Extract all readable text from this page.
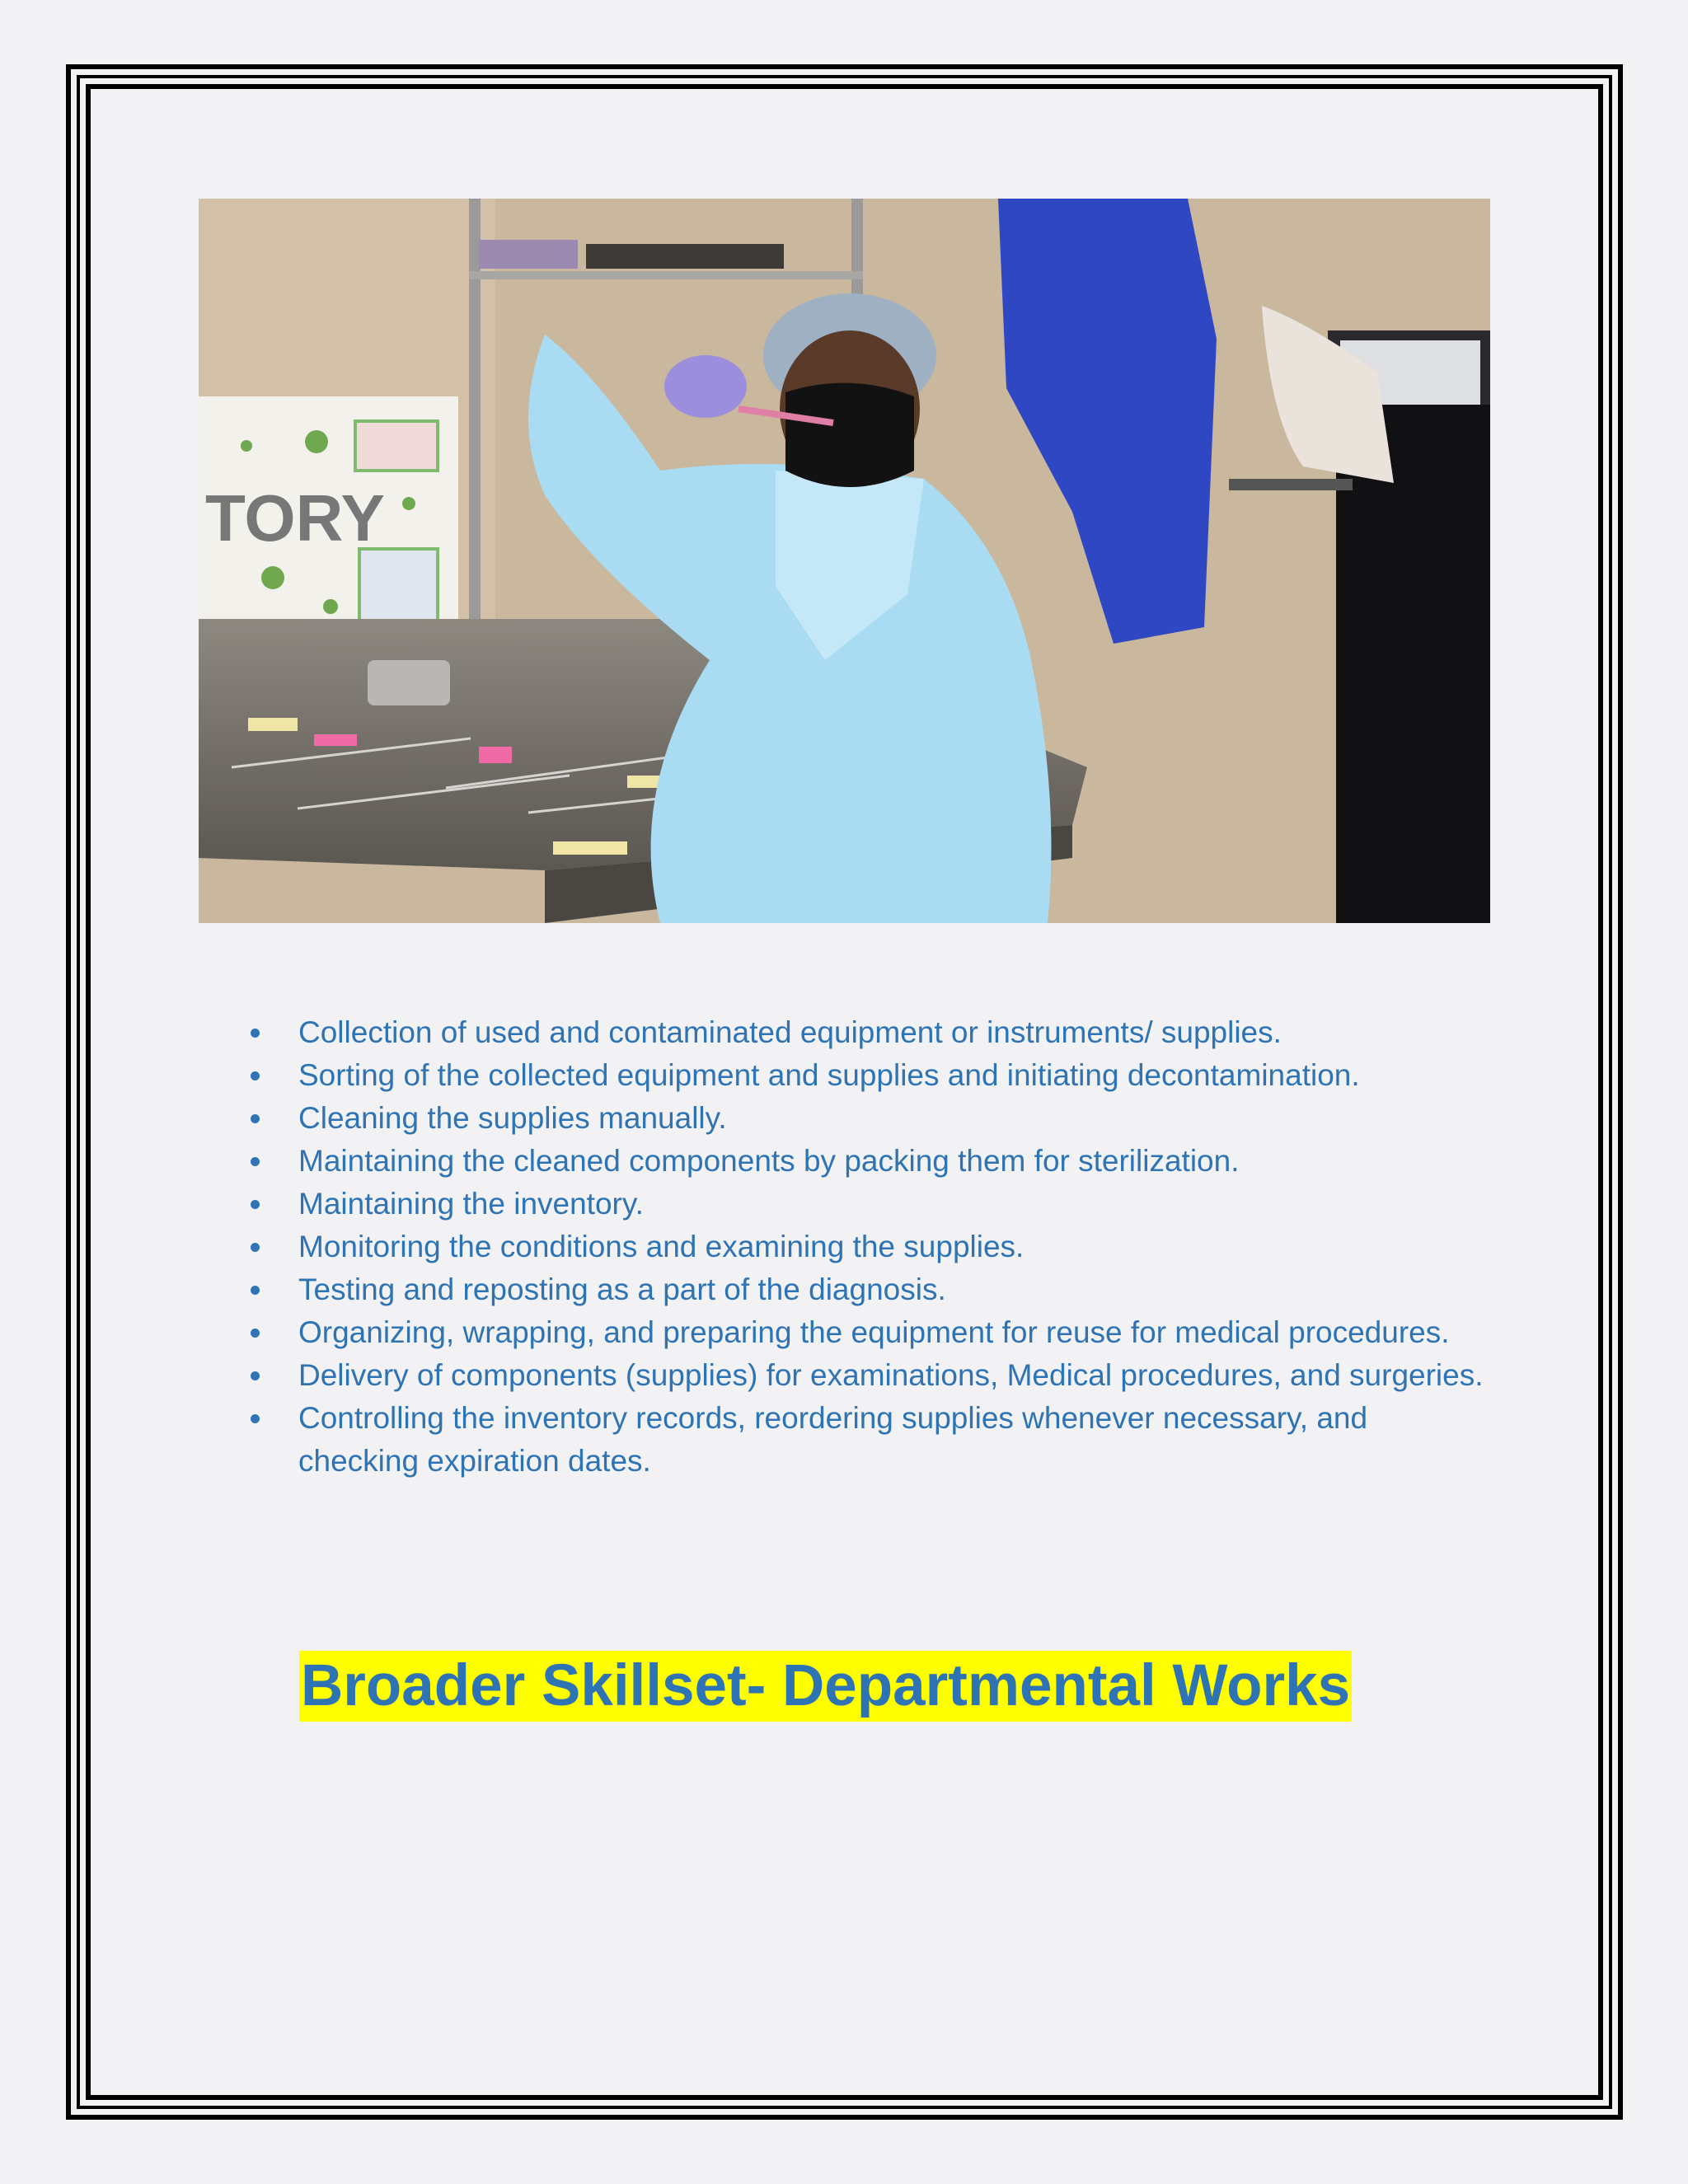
TORY
Collection of used and contaminated equipment or instruments/ supplies.
Sorting of the collected equipment and supplies and initiating decontamination.
Cleaning the supplies manually.
Maintaining the cleaned components by packing them for sterilization.
Maintaining the inventory.
Monitoring the conditions and examining the supplies.
Testing and reposting as a part of the diagnosis.
Organizing, wrapping, and preparing the equipment for reuse for medical procedures.
Delivery of components (supplies) for examinations, Medical procedures, and surgeries.
Controlling the inventory records, reordering supplies whenever necessary, and checking expiration dates.
Broader Skillset- Departmental Works
